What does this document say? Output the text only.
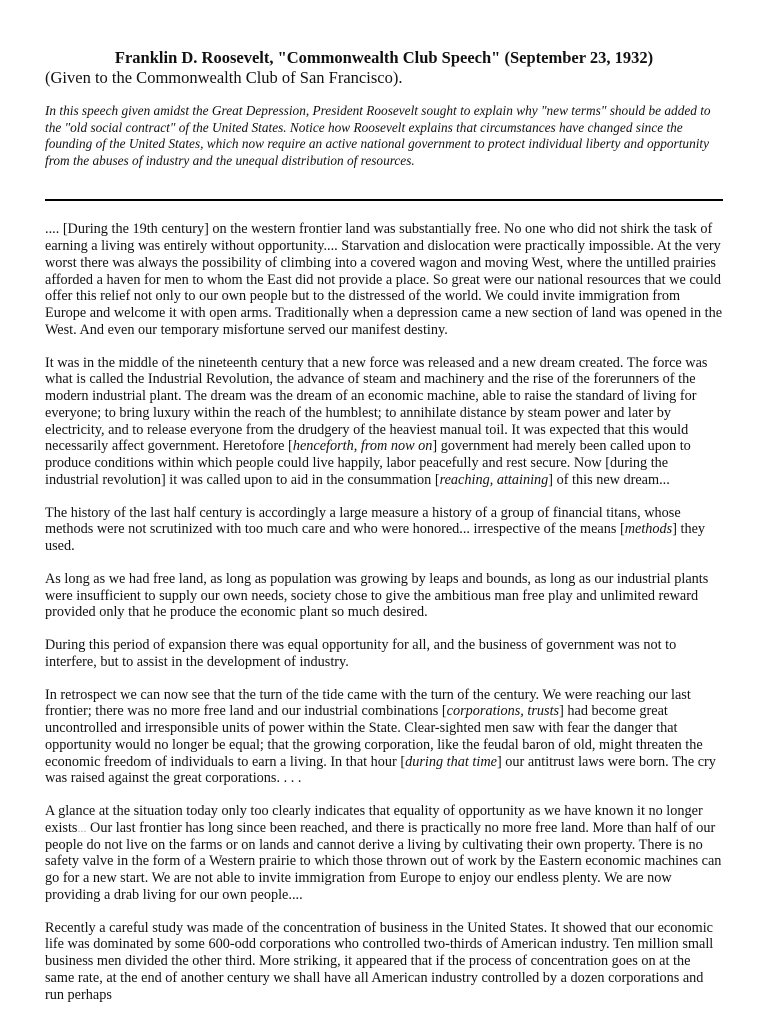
Franklin D. Roosevelt, "Commonwealth Club Speech" (September 23, 1932)

(Given to the Commonwealth Club of San Francisco).

In this speech given amidst the Great Depression, President Roosevelt sought to explain why "new terms" should be added to the "old social contract" of the United States. Notice how Roosevelt explains that circumstances have changed since the founding of the United States, which now require an active national government to protect individual liberty and opportunity from the abuses of industry and the unequal distribution of resources.

.... [During the 19th century] on the western frontier land was substantially free. No one who did not shirk the task of earning a living was entirely without opportunity.... Starvation and dislocation were practically impossible. At the very worst there was always the possibility of climbing into a covered wagon and moving West, where the untilled prairies afforded a haven for men to whom the East did not provide a place. So great were our national resources that we could offer this relief not only to our own people but to the distressed of the world. We could invite immigration from Europe and welcome it with open arms. Traditionally when a depression came a new section of land was opened in the West. And even our temporary misfortune served our manifest destiny.

It was in the middle of the nineteenth century that a new force was released and a new dream created. The force was what is called the Industrial Revolution, the advance of steam and machinery and the rise of the forerunners of the modern industrial plant. The dream was the dream of an economic machine, able to raise the standard of living for everyone; to bring luxury within the reach of the humblest; to annihilate distance by steam power and later by electricity, and to release everyone from the drudgery of the heaviest manual toil. It was expected that this would necessarily affect government. Heretofore [henceforth, from now on] government had merely been called upon to produce conditions within which people could live happily, labor peacefully and rest secure. Now [during the industrial revolution] it was called upon to aid in the consummation [reaching, attaining] of this new dream...

The history of the last half century is accordingly a large measure a history of a group of financial titans, whose methods were not scrutinized with too much care and who were honored... irrespective of the means [methods] they used.

As long as we had free land, as long as population was growing by leaps and bounds, as long as our industrial plants were insufficient to supply our own needs, society chose to give the ambitious man free play and unlimited reward provided only that he produce the economic plant so much desired.

During this period of expansion there was equal opportunity for all, and the business of government was not to interfere, but to assist in the development of industry.

In retrospect we can now see that the turn of the tide came with the turn of the century. We were reaching our last frontier; there was no more free land and our industrial combinations [corporations, trusts] had become great uncontrolled and irresponsible units of power within the State. Clear-sighted men saw with fear the danger that opportunity would no longer be equal; that the growing corporation, like the feudal baron of old, might threaten the economic freedom of individuals to earn a living. In that hour [during that time] our antitrust laws were born. The cry was raised against the great corporations. . . .

A glance at the situation today only too clearly indicates that equality of opportunity as we have known it no longer exists... Our last frontier has long since been reached, and there is practically no more free land. More than half of our people do not live on the farms or on lands and cannot derive a living by cultivating their own property. There is no safety valve in the form of a Western prairie to which those thrown out of work by the Eastern economic machines can go for a new start. We are not able to invite immigration from Europe to enjoy our endless plenty. We are now providing a drab living for our own people....

Recently a careful study was made of the concentration of business in the United States. It showed that our economic life was dominated by some 600-odd corporations who controlled two-thirds of American industry. Ten million small business men divided the other third. More striking, it appeared that if the process of concentration goes on at the same rate, at the end of another century we shall have all American industry controlled by a dozen corporations and run perhaps
